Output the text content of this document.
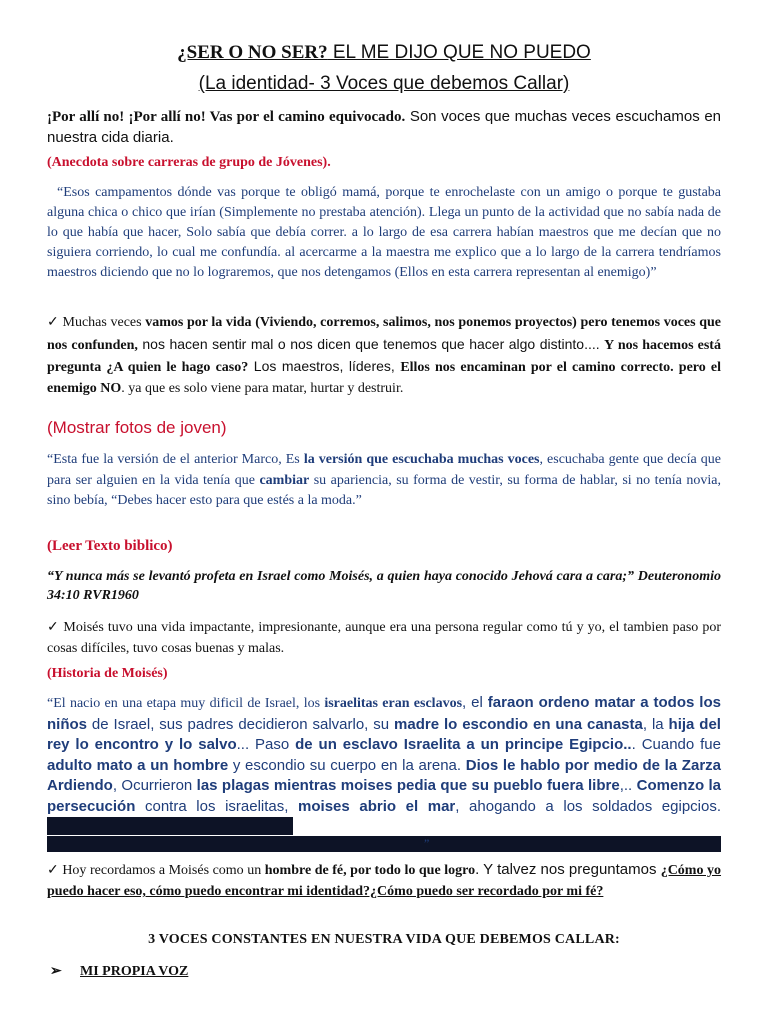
¿SER O NO SER? EL ME DIJO QUE NO PUEDO
(La identidad- 3 Voces que debemos Callar)

¡Por allí no! ¡Por allí no! Vas por el camino equivocado. Son voces que muchas veces escuchamos en nuestra cida diaria.

(Anecdota sobre carreras de grupo de Jóvenes).

“Esos campamentos dónde vas porque te obligó mamá, porque te enrochelaste con un amigo o porque te gustaba alguna chica o chico que irían (Simplemente no prestaba atención). Llega un punto de la actividad que no sabía nada de lo que había que hacer, Solo sabía que debía correr. a lo largo de esa carrera habían maestros que me decían que no siguiera corriendo, lo cual me confundía. al acercarme a la maestra me explico que a lo largo de la carrera tendríamos maestros diciendo que no lo lograremos, que nos detengamos (Ellos en esta carrera representan al enemigo)”

✓ Muchas veces vamos por la vida (Viviendo, corremos, salimos, nos ponemos proyectos) pero tenemos voces que nos confunden, nos hacen sentir mal o nos dicen que tenemos que hacer algo distinto.... Y nos hacemos está pregunta ¿A quien le hago caso? Los maestros, líderes, Ellos nos encaminan por el camino correcto. pero el enemigo NO. ya que es solo viene para matar, hurtar y destruir.

(Mostrar fotos de joven)

“Esta fue la versión de el anterior Marco, Es la versión que escuchaba muchas voces, escuchaba gente que decía que para ser alguien en la vida tenía que cambiar su apariencia, su forma de vestir, su forma de hablar, si no tenía novia, sino bebía, “Debes hacer esto para que estés a la moda.”

(Leer Texto biblico)

“Y nunca más se levantó profeta en Israel como Moisés, a quien haya conocido Jehová cara a cara;” Deuteronomio 34:10 RVR1960

✓ Moisés tuvo una vida impactante, impresionante, aunque era una persona regular como tú y yo, el tambien paso por cosas difíciles, tuvo cosas buenas y malas.

(Historia de Moisés)

“El nacio en una etapa muy dificil de Israel, los israelitas eran esclavos, el faraon ordeno matar a todos los niños de Israel, sus padres decidieron salvarlo, su madre lo escondio en una canasta, la hija del rey lo encontro y lo salvo... Paso de un esclavo Israelita a un principe Egipcio... Cuando fue adulto mato a un hombre y escondio su cuerpo en la arena. Dios le hablo por medio de la Zarza Ardiendo, Ocurrieron las plagas mientras moises pedia que su pueblo fuera libre,.. Comenzo la persecución contra los israelitas, moises abrio el mar, ahogando a los soldados egipcios.

”

✓ Hoy recordamos a Moisés como un hombre de fé, por todo lo que logro. Y talvez nos preguntamos ¿Cómo yo puedo hacer eso, cómo puedo encontrar mi identidad?¿Cómo puedo ser recordado por mi fé?

3 VOCES CONSTANTES EN NUESTRA VIDA QUE DEBEMOS CALLAR:
➢ MI PROPIA VOZ
